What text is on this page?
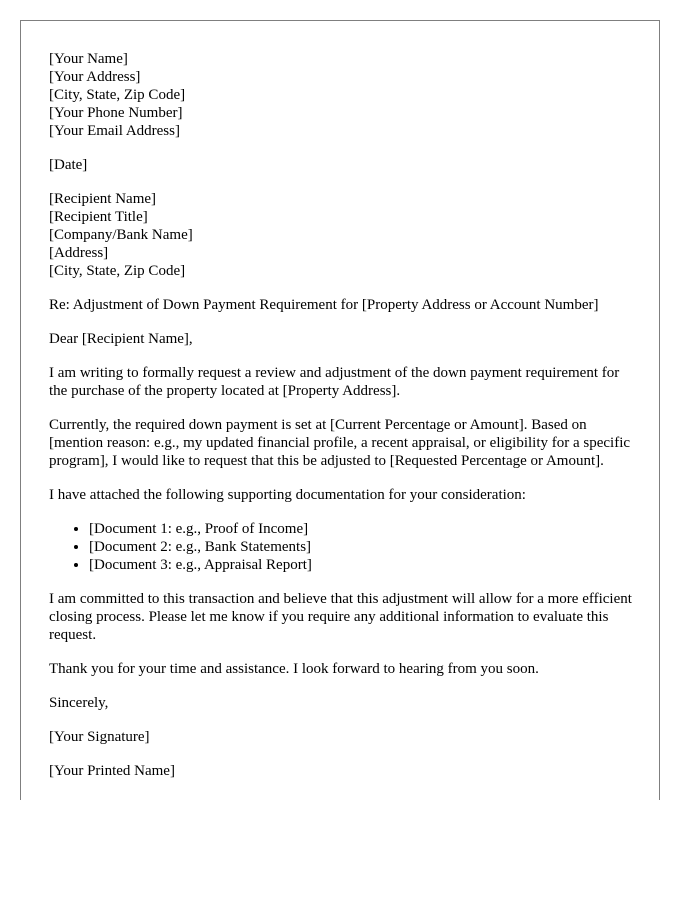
[Your Name]
[Your Address]
[City, State, Zip Code]
[Your Phone Number]
[Your Email Address]
[Date]
[Recipient Name]
[Recipient Title]
[Company/Bank Name]
[Address]
[City, State, Zip Code]

Re: Adjustment of Down Payment Requirement for [Property Address or Account Number]

Dear [Recipient Name],

I am writing to formally request a review and adjustment of the down payment requirement for the purchase of the property located at [Property Address].

Currently, the required down payment is set at [Current Percentage or Amount]. Based on [mention reason: e.g., my updated financial profile, a recent appraisal, or eligibility for a specific program], I would like to request that this be adjusted to [Requested Percentage or Amount].

I have attached the following supporting documentation for your consideration:

• [Document 1: e.g., Proof of Income]
• [Document 2: e.g., Bank Statements]
• [Document 3: e.g., Appraisal Report]

I am committed to this transaction and believe that this adjustment will allow for a more efficient closing process. Please let me know if you require any additional information to evaluate this request.

Thank you for your time and assistance. I look forward to hearing from you soon.

Sincerely,

[Your Signature]

[Your Printed Name]
